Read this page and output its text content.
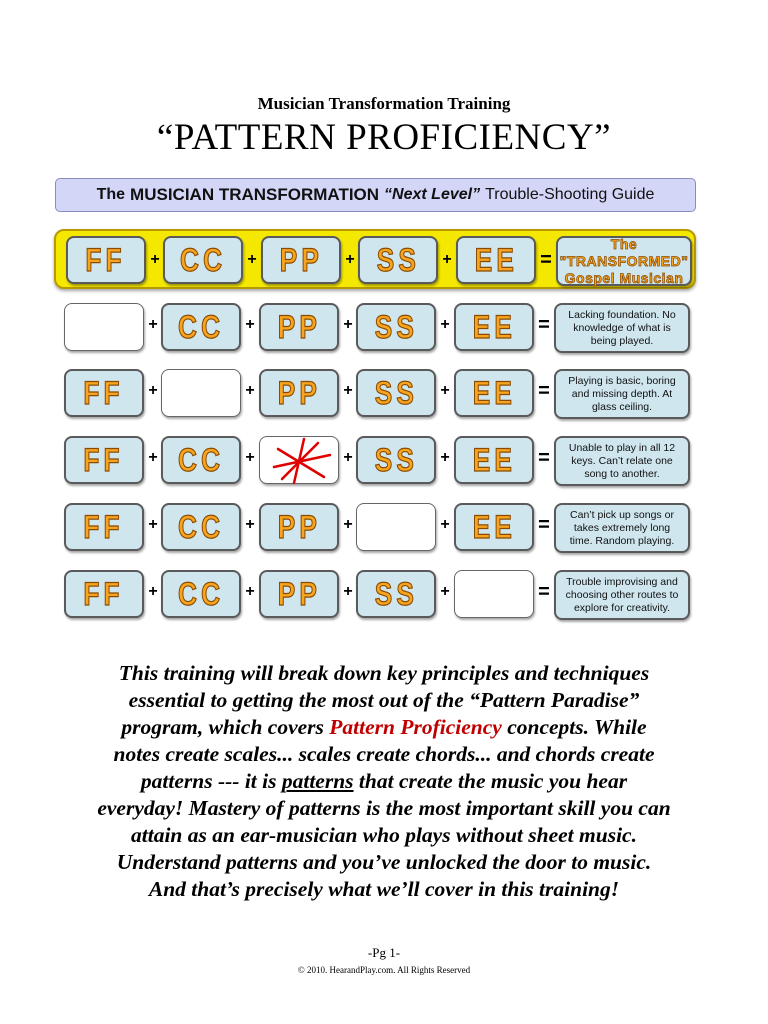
Musician Transformation Training
“PATTERN PROFICIENCY”
The MUSICIAN TRANSFORMATION “Next Level” Trouble-Shooting Guide
FF + CC + PP + SS + EE =
The "TRANSFORMED"
Gospel Musician
+ CC + PP + SS + EE =	Lacking foundation. No knowledge of what is being played.
FF +	+ PP + SS + EE =	Playing is basic, boring and missing depth. At glass ceiling.
FF + CC +	+ SS + EE =	Unable to play in all 12 keys. Can’t relate one song to another.
FF + CC + PP +	+ EE =	Can’t pick up songs or takes extremely long time. Random playing.
FF + CC + PP + SS +	=	Trouble improvising and choosing other routes to explore for creativity.
This training will break down key principles and techniques essential to getting the most out of the “Pattern Paradise” program, which covers Pattern Proficiency concepts. While notes create scales... scales create chords... and chords create patterns --- it is patterns that create the music you hear everyday! Mastery of patterns is the most important skill you can attain as an ear-musician who plays without sheet music. Understand patterns and you’ve unlocked the door to music. And that’s precisely what we’ll cover in this training!
-Pg 1-
© 2010. HearandPlay.com. All Rights Reserved
